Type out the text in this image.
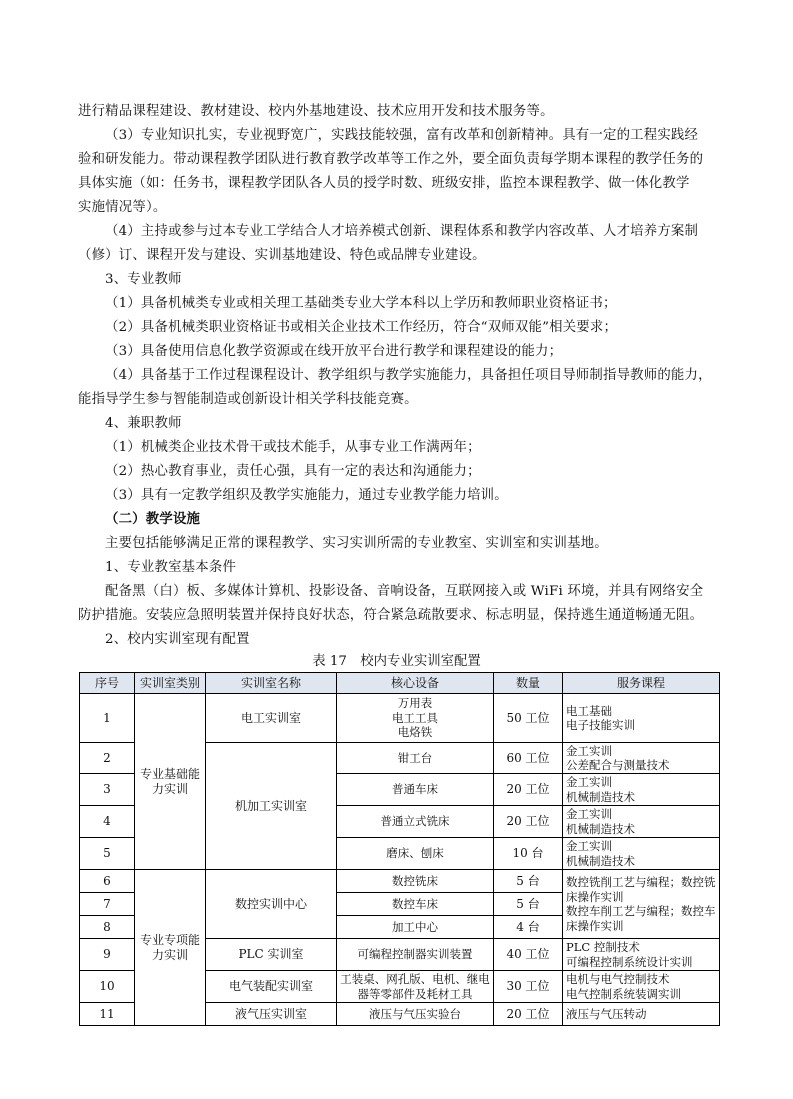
进行精品课程建设、教材建设、校内外基地建设、技术应用开发和技术服务等。
（3）专业知识扎实，专业视野宽广，实践技能较强，富有改革和创新精神。具有一定的工程实践经
验和研发能力。带动课程教学团队进行教育教学改革等工作之外，要全面负责每学期本课程的教学任务的
具体实施（如：任务书，课程教学团队各人员的授学时数、班级安排，监控本课程教学、做一体化教学
实施情况等）。
（4）主持或参与过本专业工学结合人才培养模式创新、课程体系和教学内容改革、人才培养方案制
（修）订、课程开发与建设、实训基地建设、特色或品牌专业建设。
3、专业教师
（1）具备机械类专业或相关理工基础类专业大学本科以上学历和教师职业资格证书；
（2）具备机械类职业资格证书或相关企业技术工作经历，符合“双师双能”相关要求；
（3）具备使用信息化教学资源或在线开放平台进行教学和课程建设的能力；
（4）具备基于工作过程课程设计、教学组织与教学实施能力，具备担任项目导师制指导教师的能力，
能指导学生参与智能制造或创新设计相关学科技能竞赛。
4、兼职教师
（1）机械类企业技术骨干或技术能手，从事专业工作满两年；
（2）热心教育事业，责任心强，具有一定的表达和沟通能力；
（3）具有一定教学组织及教学实施能力，通过专业教学能力培训。
（二）教学设施
主要包括能够满足正常的课程教学、实习实训所需的专业教室、实训室和实训基地。
1、专业教室基本条件
配备黑（白）板、多媒体计算机、投影设备、音响设备，互联网接入或 WiFi 环境，并具有网络安全
防护措施。安装应急照明装置并保持良好状态，符合紧急疏散要求、标志明显，保持逃生通道畅通无阻。
2、校内实训室现有配置
表 17　校内专业实训室配置
序号	实训室类别	实训室名称	核心设备	数量	服务课程
1	专业基础能
力实训	电工实训室	万用表
电工工具
电烙铁	50 工位	电工基础
电子技能实训
2		机加工实训室	钳工台	60 工位	金工实训
公差配合与测量技术
3			普通车床	20 工位	金工实训
机械制造技术
4			普通立式铣床	20 工位	金工实训
机械制造技术
5			磨床、刨床	10 台	金工实训
机械制造技术
6	专业专项能
力实训	数控实训中心	数控铣床	5 台	数控铣削工艺与编程；数控铣
床操作实训
数控车削工艺与编程；数控车
床操作实训
7			数控车床	5 台	
8			加工中心	4 台	
9		PLC 实训室	可编程控制器实训装置	40 工位	PLC 控制技术
可编程控制系统设计实训
10		电气装配实训室	工装桌、网孔版、电机、继电
器等零部件及耗材工具	30 工位	电机与电气控制技术
电气控制系统装调实训
11		液气压实训室	液压与气压实验台	20 工位	液压与气压转动
